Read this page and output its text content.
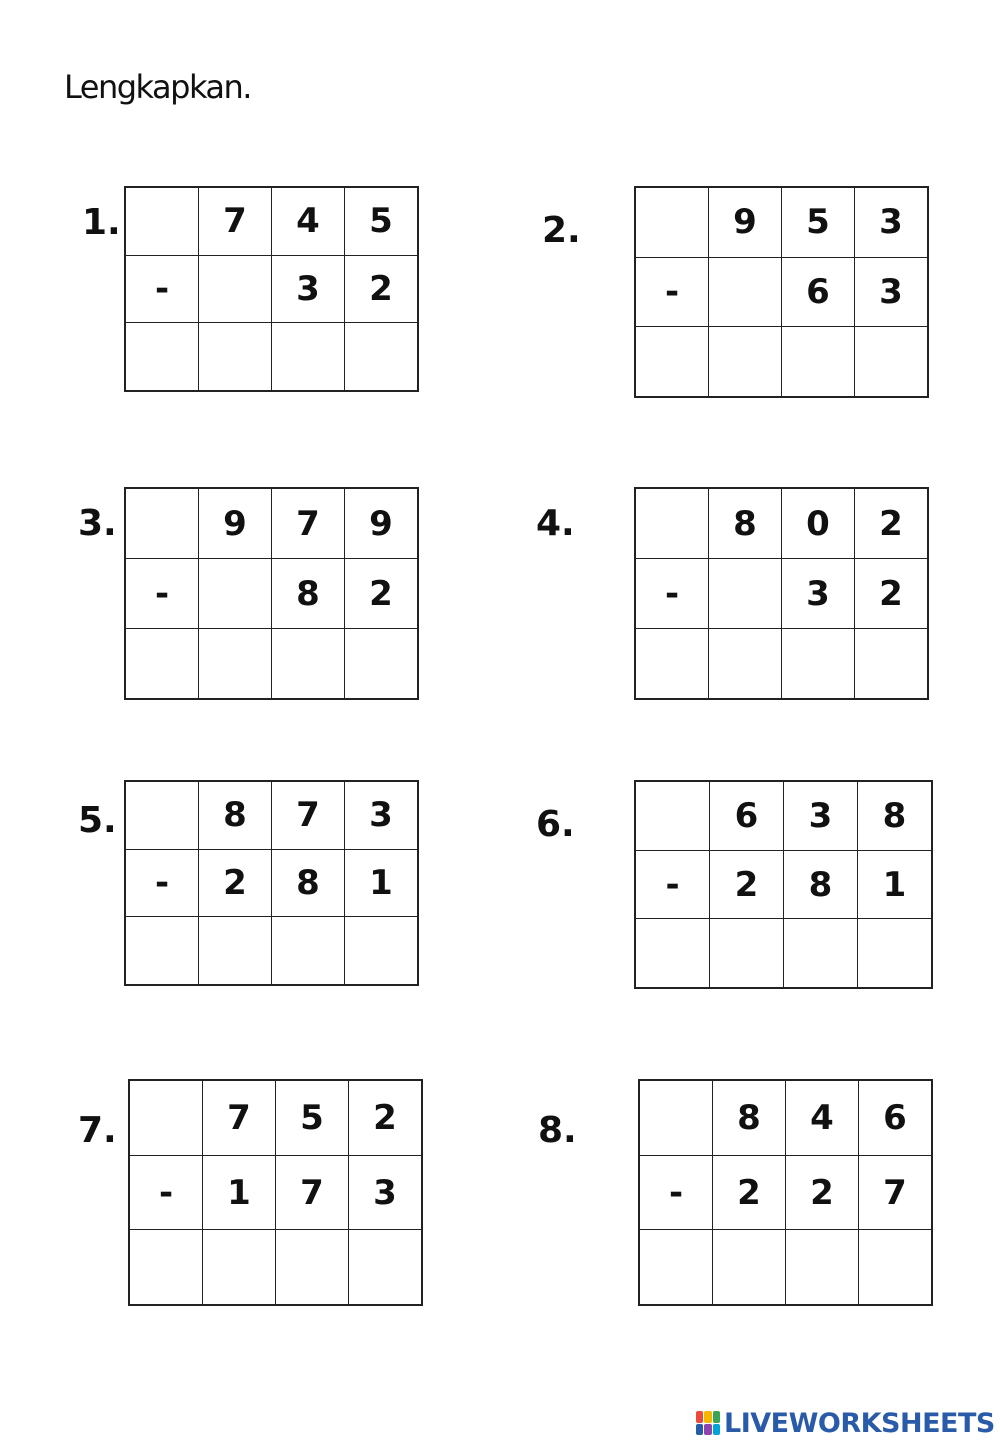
Lengkapkan.
1.
		7	4	5
-		3	2

2.
		9	5	3
-		6	3

3.
		9	7	9
-		8	2

4.
		8	0	2
-		3	2

5.
		8	7	3
-	2	8	1

6.
		6	3	8
-	2	8	1

7.
		7	5	2
-	1	7	3

8.
		8	4	6
-	2	2	7

LIVEWORKSHEETS
